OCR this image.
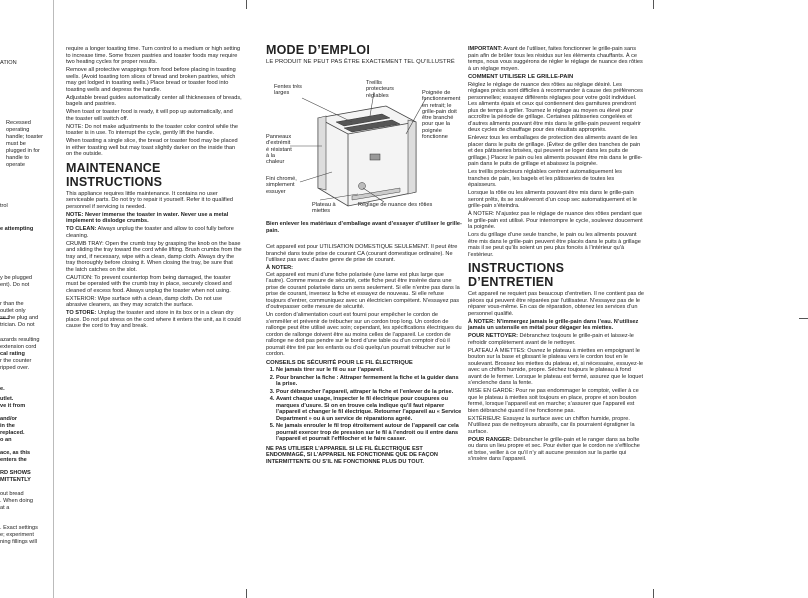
ATION
Recessed
operating
handle; toaster
must be
plugged in for
handle to
operate
trol
e attempting
y be plugged
ent). Do not
r than the
outlet only
se the plug and
trician. Do not
azards resulting
extension cord
cal rating
r the counter
ripped over.
e.
utlet.
ve it from
and/or
in the
replaced.
o an
ace, as this
enters the
RD SHOWS
MITTENTLY
out bread
. When doing
at a
. Exact settings
e; experiment
ning fillings will

require a longer toasting time. Turn control to a medium or high setting to increase time. Some frozen pastries and toaster foods may require two heating cycles for proper results.

Remove all protective wrappings from food before placing in toasting wells. (Avoid toasting torn slices of bread and broken pastries, which may get lodged in toasting wells.) Place bread or toaster food into toasting wells and depress the handle.

Adjustable bread guides automatically center all thicknesses of breads, bagels and pastries.

When toast or toaster food is ready, it will pop up automatically, and the toaster will switch off.

NOTE: Do not make adjustments to the toaster color control while the toaster is in use. To interrupt the cycle, gently lift the handle.

When toasting a single slice, the bread or toaster food may be placed in either toasting well but may toast slightly darker on the inside than on the outside.

MAINTENANCE INSTRUCTIONS

This appliance requires little maintenance. It contains no user serviceable parts. Do not try to repair it yourself. Refer it to qualified personnel if servicing is needed.

NOTE: Never immerse the toaster in water. Never use a metal implement to dislodge crumbs.

TO CLEAN: Always unplug the toaster and allow to cool fully before cleaning.

CRUMB TRAY: Open the crumb tray by grasping the knob on the base and sliding the tray toward the cord while lifting. Brush crumbs from the tray and, if necessary, wipe with a clean, damp cloth. Always dry the tray thoroughly before closing it. When closing the tray, be sure that the latch catches on the slot.

CAUTION: To prevent countertop from being damaged, the toaster must be operated with the crumb tray in place, securely closed and cleaned of excess food. Always unplug the toaster when not using.

EXTERIOR: Wipe surface with a clean, damp cloth. Do not use abrasive cleaners, as they may scratch the surface.

TO STORE: Unplug the toaster and store in its box or in a clean dry place. Do not put stress on the cord where it enters the unit, as it could cause the cord to fray and break.

MODE D’EMPLOI
LE PRODUIT NE PEUT PAS ÊTRE EXACTEMENT TEL QU’ILLUSTRÉ
Fentes très larges
Treillis protecteurs réglables	Poignée de fonctionnement en retrait; le grille-pain doit être branché pour que la poignée fonctionne
Panneaux d’extrémit é résistant à la chaleur
Fini chromé, simplement essuyer
Plateau à miettes
Réglage de nuance des rôties

Bien enlever les matériaux d’emballage avant d’essayer d’utiliser le grille-pain.

Cet appareil est pour UTILISATION DOMESTIQUE SEULEMENT. Il peut être branché dans toute prise de courant CA (courant domestique ordinaire). Ne l’utilisez pas avec d’autre genre de prise de courant.

À NOTER:

Cet appareil est muni d’une fiche polarisée (une lame est plus large que l’autre). Comme mesure de sécurité, cette fiche peut être insérée dans une prise de courant polarisée dans un sens seulement. Si elle n’entre pas dans la prise de courant, inversez la fiche et essayez de nouveau. Si elle refuse toujours d’entrer, communiquez avec un électricien compétent. N’essayez pas d’outrepasser cette mesure de sécurité.

Un cordon d’alimentation court est fourni pour empêcher le cordon de s’emmêler et prévenir de trébucher sur un cordon trop long. Un cordon de rallonge peut être utilisé avec soin; cependant, les spécifications électriques du cordon de rallonge doivent être au moins celles de l’appareil. Le cordon de rallonge ne doit pas pendre sur le bord d’une table ou d’un comptoir d’où il pourrait être tiré par les enfants ou d’où quelqu’un pourrait trébucher sur le cordon.

CONSEILS DE SÉCURITÉ POUR LE FIL ÉLECTRIQUE
1. Ne jamais tirer sur le fil ou sur l’appareil.
2. Pour brancher la fiche : Attraper fermement la fiche et la guider dans la prise.
3. Pour débrancher l’appareil, attraper la fiche et l’enlever de la prise.
4. Avant chaque usage, inspecter le fil électrique pour coupures ou marques d’usure. Si on en trouve cela indique qu’il faut réparer l’appareil et changer le fil électrique. Retourner l’appareil au « Service Department » ou à un service de réparations agréé.
5. Ne jamais enrouler le fil trop étroitement autour de l’appareil car cela pourrait exercer trop de pression sur le fil à l’endroit ou il entre dans l’appareil et pourrait l’effilocher et le faire casser.

NE PAS UTILISER L’APPAREIL SI LE FIL ÉLECTRIQUE EST ENDOMMAGÉ, SI L’APPAREIL NE FONCTIONNE QUE DE FAÇON INTERMITTENTE OU S’IL NE FONCTIONNE PLUS DU TOUT.

IMPORTANT: Avant de l’utiliser, faites fonctionner le grille-pain sans pain afin de brûler tous les résidus sur les éléments chauffants. À ce temps, nous vous suggérons de régler le réglage de nuance des rôties à un réglage moyen.

COMMENT UTILISER LE GRILLE-PAIN

Réglez le réglage de nuance des rôties au réglage désiré. Les réglages précis sont difficiles à recommander à cause des préférences personnelles; essayez différents réglages pour votre goût individuel. Les aliments épais et ceux qui contiennent des garnitures prendront plus de temps à griller. Tournez le réglage au moyen ou élevé pour accroître la période de grillage. Certaines pâtisseries congelées et d’autres aliments pouvant être mis dans le grille-pain peuvent requérir deux cycles de chauffage pour des résultats appropriés.

Enlevez tous les emballages de protection des aliments avant de les placer dans le puits de grillage. (Évitez de griller des tranches de pain et des pâtisseries brisées, qui peuvent se loger dans les puits de grillage.) Placez le pain ou les aliments pouvant être mis dans le grille-pain dans le puits de grillage et abaissez la poignée.

Les treillis protecteurs réglables centrent automatiquement les tranches de pain, les bagels et les pâtisseries de toutes les épaisseurs.

Lorsque la rôtie ou les aliments pouvant être mis dans le grille-pain seront prêts, ils se soulèveront d’un coup sec automatiquement et le grille-pain s’éteindra.

À NOTER: N’ajustez pas le réglage de nuance des rôties pendant que le grille-pain est utilisé. Pour interrompre le cycle, soulevez doucement la poignée.

Lors du grillage d’une seule tranche, le pain ou les aliments pouvant être mis dans le grille-pain peuvent être placés dans le puits à grillage mais il se peut qu’ils soient un peu plus foncés à l’intérieur qu’à l’extérieur.

INSTRUCTIONS D’ENTRETIEN

Cet appareil ne requiert pas beaucoup d’entretien. Il ne contient pas de pièces qui peuvent être réparées par l’utilisateur. N’essayez pas de le réparer vous-même. En cas de réparation, obtenez les services d’un personnel qualifié.

À NOTER: N’immergez jamais le grille-pain dans l’eau. N’utilisez jamais un ustensile en métal pour dégager les miettes.

POUR NETTOYER: Débranchez toujours le grille-pain et laissez-le refroidir complètement avant de le nettoyer.

PLATEAU À MIETTES: Ouvrez le plateau à miettes en empoignant le bouton sur la base et glissant le plateau vers le cordon tout en le soulevant. Brossez les miettes du plateau et, si nécessaire, essuyez-le avec un chiffon humide, propre. Séchez toujours le plateau à fond avant de le fermer. Lorsque le plateau est fermé, assurez que le loquet s’enclenche dans la fente.

MISE EN GARDE: Pour ne pas endommager le comptoir, veiller à ce que le plateau à miettes soit toujours en place, propre et son bouton fermé, lorsque l’appareil est en marche; s’assurer que l’appareil est bien débranché quand il ne fonctionne pas.

EXTÉRIEUR: Essuyez la surface avec un chiffon humide, propre. N’utilisez pas de nettoyeurs abrasifs, car ils pourraient égratigner la surface.

POUR RANGER: Débrancher le grille-pain et le ranger dans sa boîte ou dans un lieu propre et sec. Pour éviter que le cordon ne s’effiloche et brise, veiller à ce qu’il n’y ait aucune pression sur la partie qui s’insère dans l’appareil.
